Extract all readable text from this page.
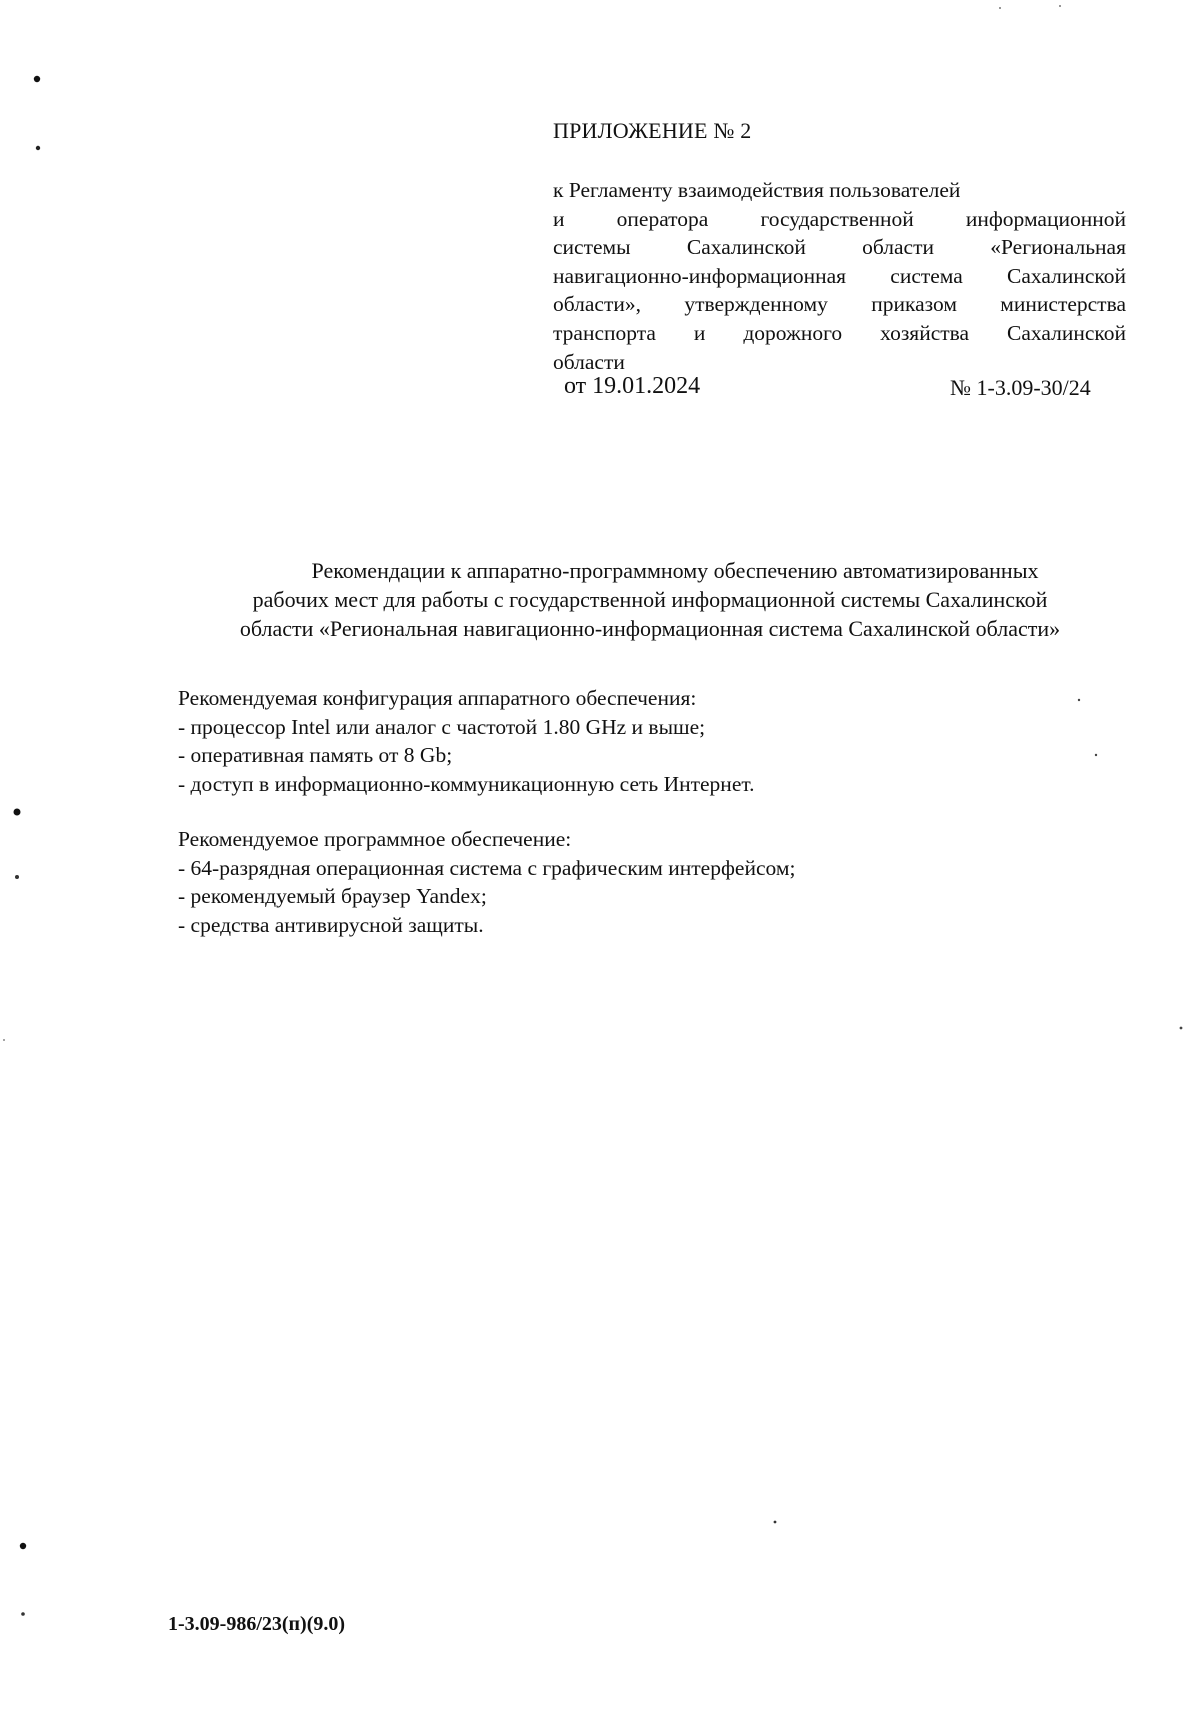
ПРИЛОЖЕНИЕ № 2
к Регламенту взаимодействия пользователей
и оператора государственной информационной
системы Сахалинской области «Региональная
навигационно-информационная система Сахалинской
области», утвержденному приказом министерства
транспорта и дорожного хозяйства Сахалинской
области
от 19.01.2024	№ 1-3.09-30/24
Рекомендации к аппаратно-программному обеспечению автоматизированных
рабочих мест для работы с государственной информационной системы Сахалинской
области «Региональная навигационно-информационная система Сахалинской области»
Рекомендуемая конфигурация аппаратного обеспечения:
- процессор Intel или аналог с частотой 1.80 GHz и выше;
- оперативная память от 8 Gb;
- доступ в информационно-коммуникационную сеть Интернет.
Рекомендуемое программное обеспечение:
- 64-разрядная операционная система с графическим интерфейсом;
- рекомендуемый браузер Yandex;
- средства антивирусной защиты.
1-3.09-986/23(п)(9.0)
